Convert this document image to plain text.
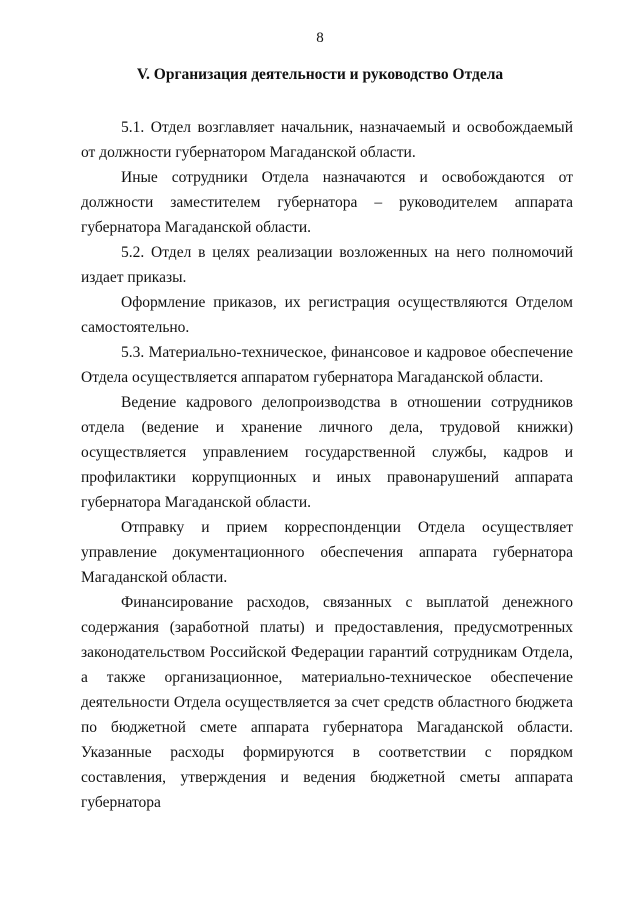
8
V. Организация деятельности и руководство Отдела

5.1. Отдел возглавляет начальник, назначаемый и освобождаемый от должности губернатором Магаданской области.

Иные сотрудники Отдела назначаются и освобождаются от должности заместителем губернатора – руководителем аппарата губернатора Магаданской области.

5.2. Отдел в целях реализации возложенных на него полномочий издает приказы.

Оформление приказов, их регистрация осуществляются Отделом самостоятельно.

5.3. Материально-техническое, финансовое и кадровое обеспечение Отдела осуществляется аппаратом губернатора Магаданской области.

Ведение кадрового делопроизводства в отношении сотрудников отдела (ведение и хранение личного дела, трудовой книжки) осуществляется управлением государственной службы, кадров и профилактики коррупционных и иных правонарушений аппарата губернатора Магаданской области.

Отправку и прием корреспонденции Отдела осуществляет управление документационного обеспечения аппарата губернатора Магаданской области.

Финансирование расходов, связанных с выплатой денежного содержания (заработной платы) и предоставления, предусмотренных законодательством Российской Федерации гарантий сотрудникам Отдела, а также организационное, материально-техническое обеспечение деятельности Отдела осуществляется за счет средств областного бюджета по бюджетной смете аппарата губернатора Магаданской области. Указанные расходы формируются в соответствии с порядком составления, утверждения и ведения бюджетной сметы аппарата губернатора
